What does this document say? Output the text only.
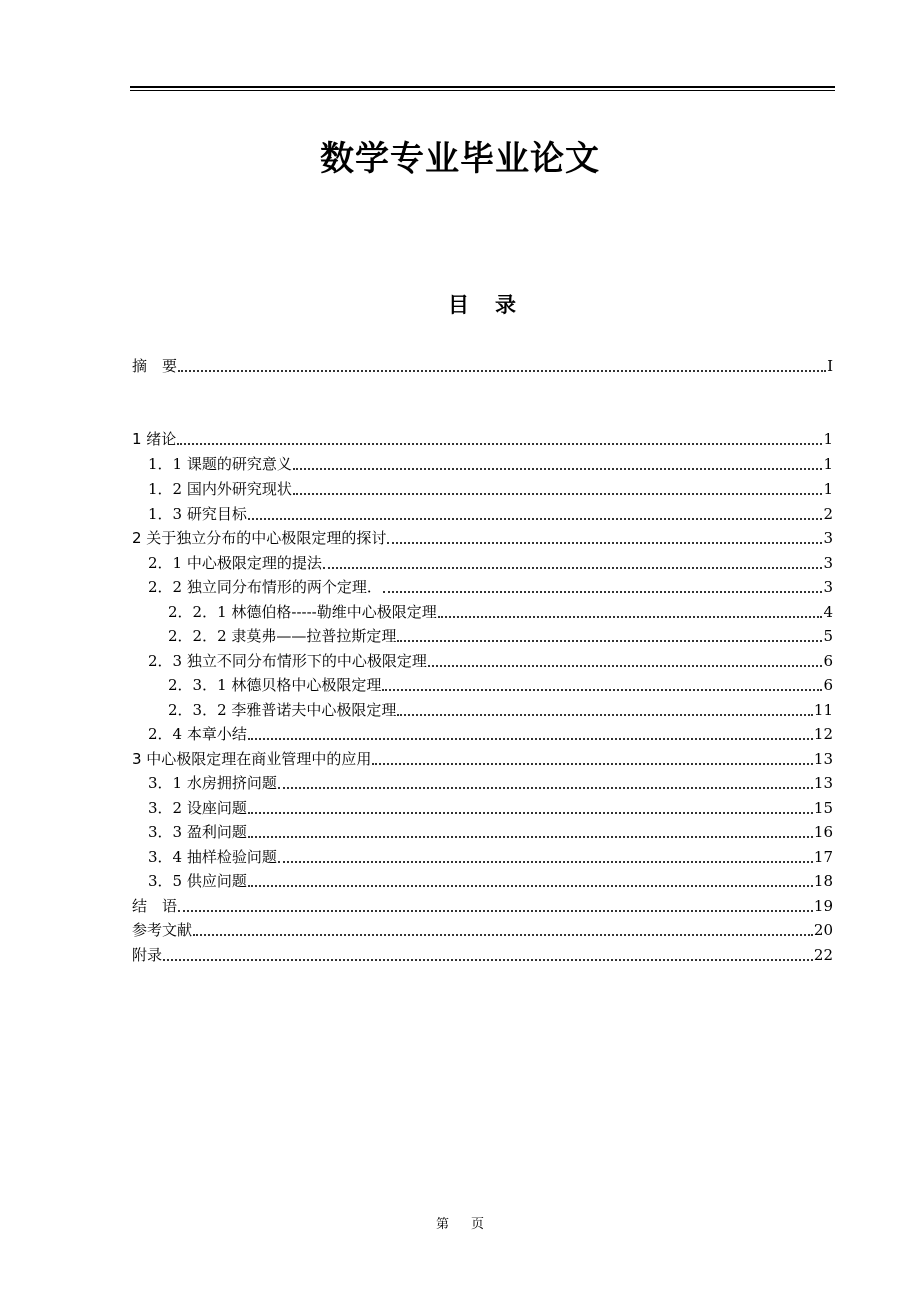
数学专业毕业论文
目 录
摘　要	I
1 绪论	1
1．1 课题的研究意义	1
1．2 国内外研究现状	1
1．3 研究目标	2
2 关于独立分布的中心极限定理的探讨	3
2．1 中心极限定理的提法	3
2．2 独立同分布情形的两个定理．	3
2．2．1 林德伯格-----勒维中心极限定理	4
2．2．2 隶莫弗——拉普拉斯定理	5
2．3 独立不同分布情形下的中心极限定理	6
2．3．1 林德贝格中心极限定理	6
2．3．2 李雅普诺夫中心极限定理	11
2．4 本章小结	12
3 中心极限定理在商业管理中的应用	13
3．1 水房拥挤问题	13
3．2 设座问题	15
3．3 盈利问题	16
3．4 抽样检验问题	17
3．5 供应问题	18
结　语	19
参考文献	20
附录	22
第 页
